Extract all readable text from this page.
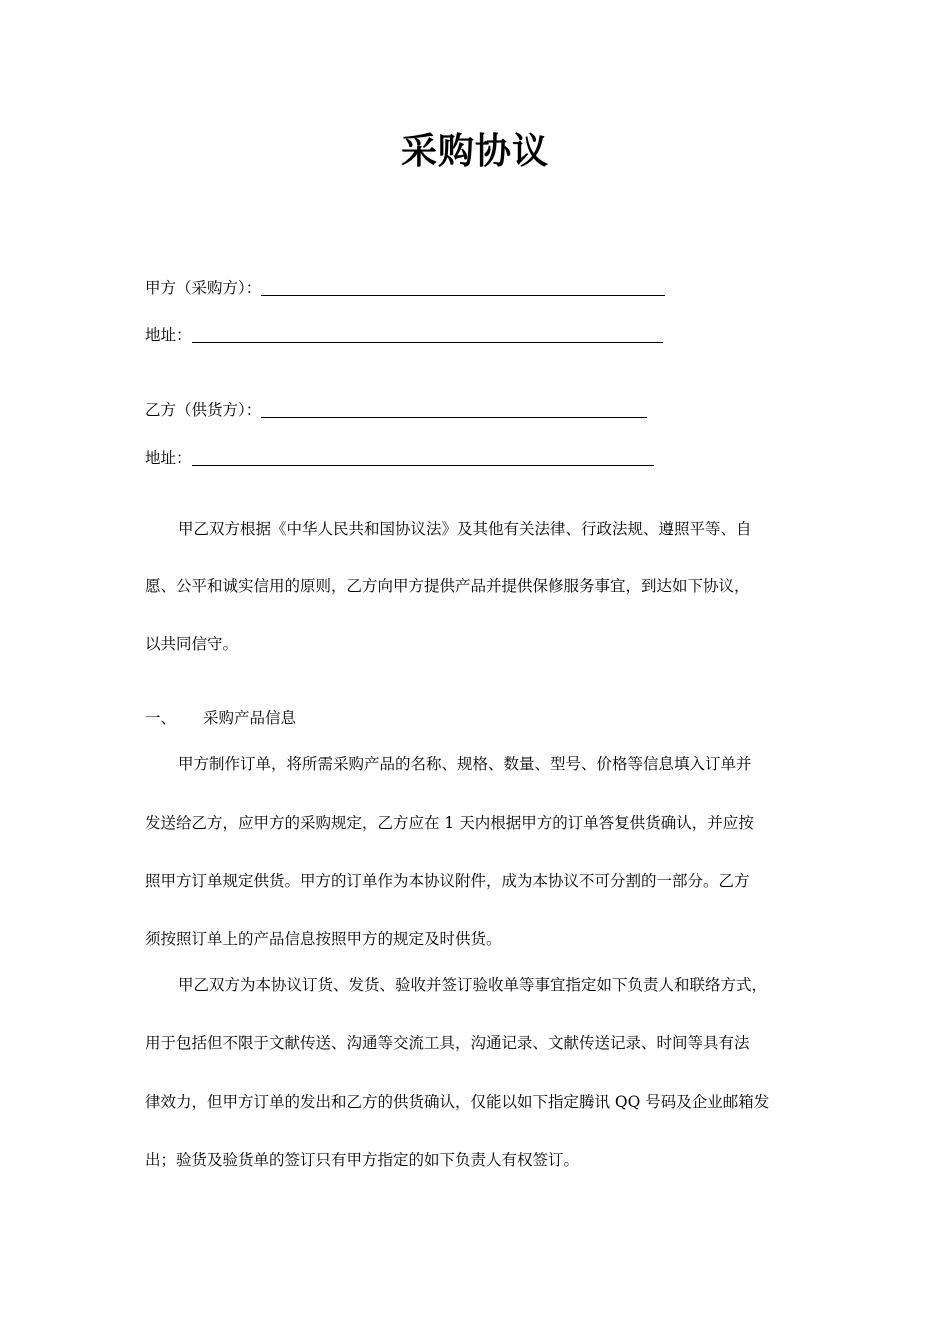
采购协议
甲方（采购方）：
地址：
乙方（供货方）：
地址：
甲乙双方根据《中华人民共和国协议法》及其他有关法律、行政法规、遵照平等、自
愿、公平和诚实信用的原则，乙方向甲方提供产品并提供保修服务事宜，到达如下协议，
以共同信守。
一、 采购产品信息
甲方制作订单，将所需采购产品的名称、规格、数量、型号、价格等信息填入订单并
发送给乙方，应甲方的采购规定，乙方应在 1 天内根据甲方的订单答复供货确认，并应按
照甲方订单规定供货。甲方的订单作为本协议附件，成为本协议不可分割的一部分。乙方
须按照订单上的产品信息按照甲方的规定及时供货。
甲乙双方为本协议订货、发货、验收并签订验收单等事宜指定如下负责人和联络方式，
用于包括但不限于文献传送、沟通等交流工具，沟通记录、文献传送记录、时间等具有法
律效力，但甲方订单的发出和乙方的供货确认，仅能以如下指定腾讯 QQ 号码及企业邮箱发
出；验货及验货单的签订只有甲方指定的如下负责人有权签订。
